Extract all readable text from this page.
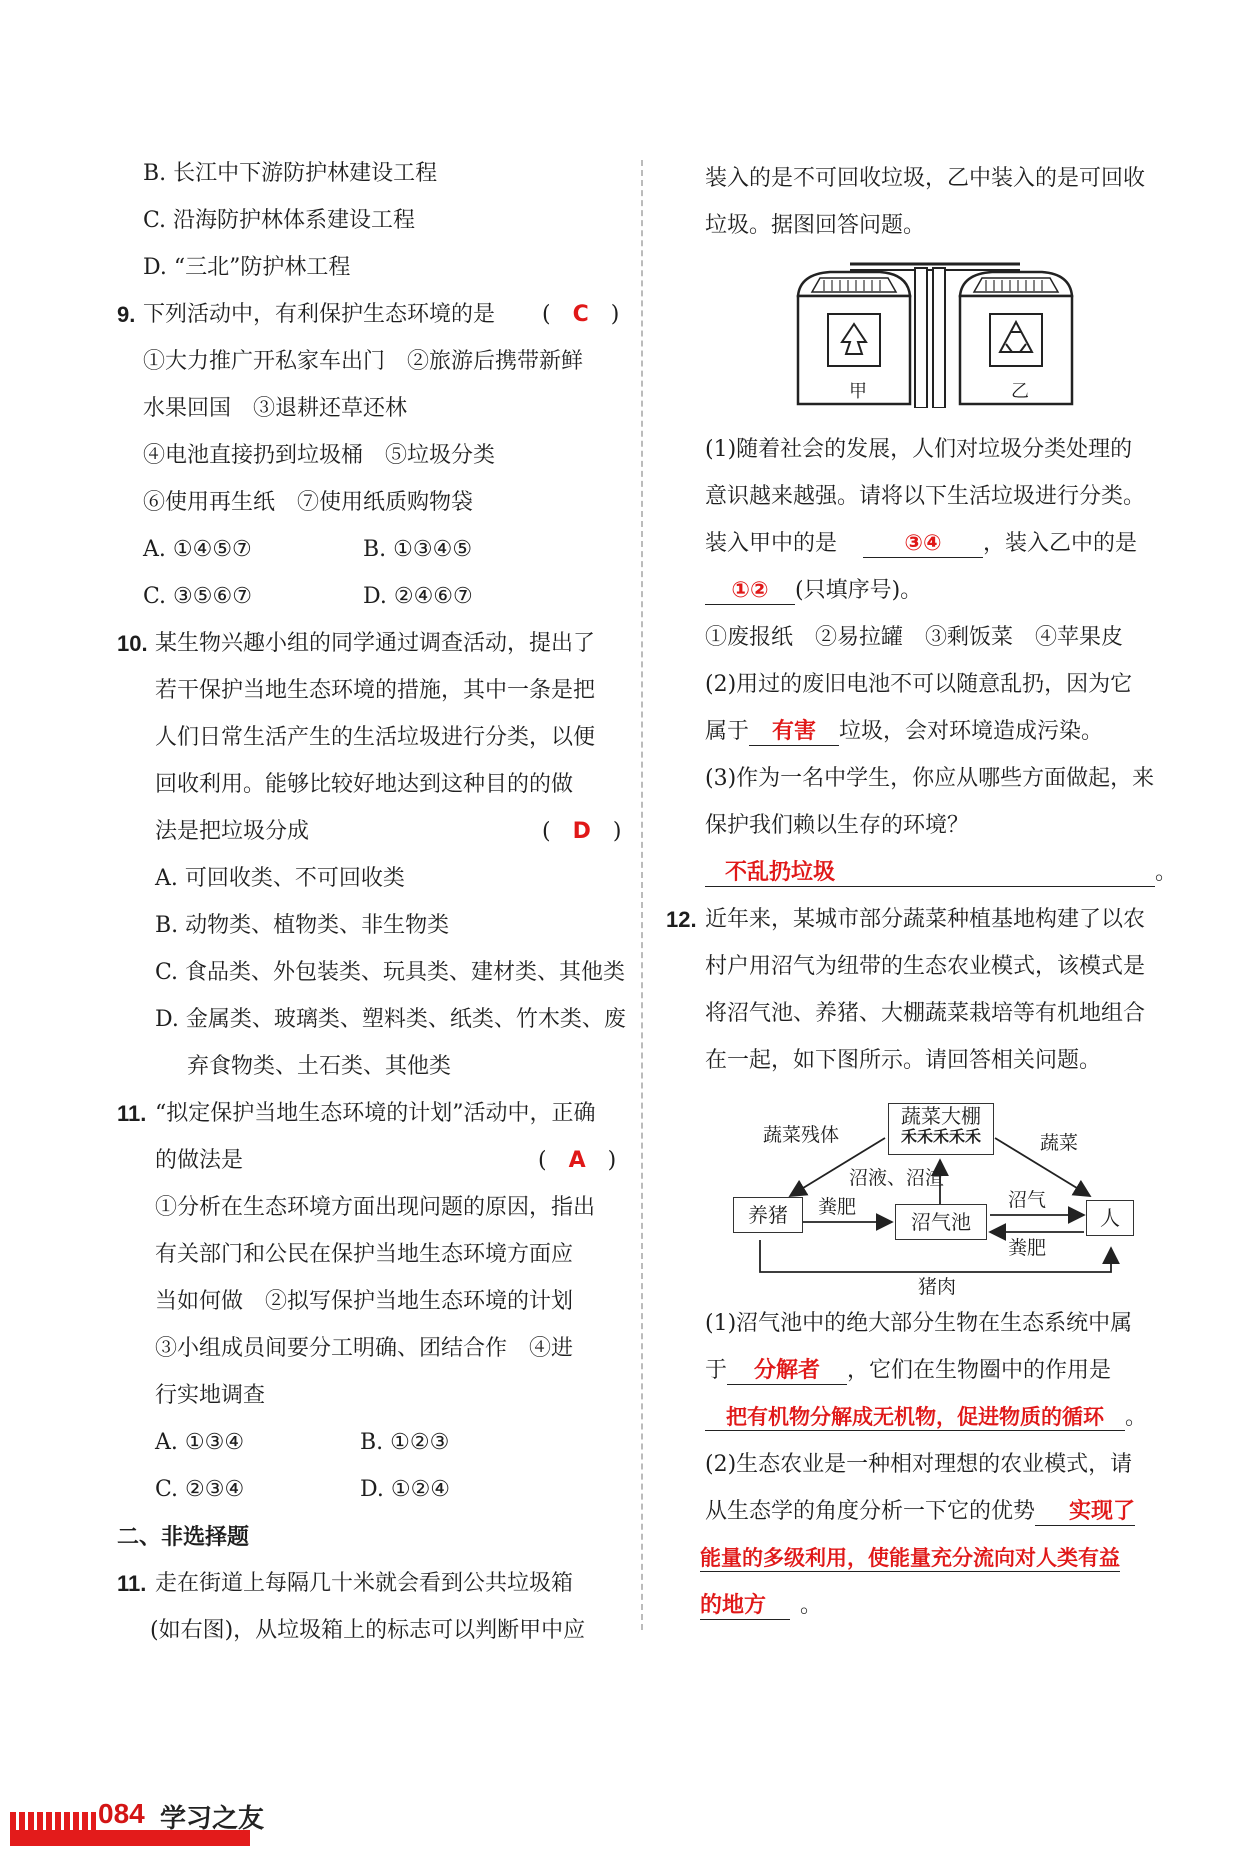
B. 长江中下游防护林建设工程
C. 沿海防护林体系建设工程
D. “三北”防护林工程
9. 下列活动中，有利保护生态环境的是 (　C　)
①大力推广开私家车出门　②旅游后携带新鲜
水果回国　③退耕还草还林
④电池直接扔到垃圾桶　⑤垃圾分类
⑥使用再生纸　⑦使用纸质购物袋
A. ①④⑤⑦	B. ①③④⑤
C. ③⑤⑥⑦	D. ②④⑥⑦
10. 某生物兴趣小组的同学通过调查活动，提出了
若干保护当地生态环境的措施，其中一条是把
人们日常生活产生的生活垃圾进行分类，以便
回收利用。能够比较好地达到这种目的的做
法是把垃圾分成	(　D　)
A. 可回收类、不可回收类
B. 动物类、植物类、非生物类
C. 食品类、外包装类、玩具类、建材类、其他类
D. 金属类、玻璃类、塑料类、纸类、竹木类、废
弃食物类、土石类、其他类
11. “拟定保护当地生态环境的计划”活动中，正确
的做法是	(　A　)
①分析在生态环境方面出现问题的原因，指出
有关部门和公民在保护当地生态环境方面应
当如何做　②拟写保护当地生态环境的计划
③小组成员间要分工明确、团结合作　④进
行实地调查
A. ①③④	B. ①②③
C. ②③④	D. ①②④
二、非选择题
11. 走在街道上每隔几十米就会看到公共垃圾箱
(如右图)，从垃圾箱上的标志可以判断甲中应
装入的是不可回收垃圾，乙中装入的是可回收
垃圾。据图回答问题。
甲	乙
(1)随着社会的发展，人们对垃圾分类处理的
意识越来越强。请将以下生活垃圾进行分类。
装入甲中的是	③④ ，装入乙中的是
①② (只填序号)。
①废报纸　②易拉罐　③剩饭菜　④苹果皮
(2)用过的废旧电池不可以随意乱扔，因为它
属于 有害 垃圾，会对环境造成污染。
(3)作为一名中学生，你应从哪些方面做起，来
保护我们赖以生存的环境？
不乱扔垃圾	。
12. 近年来，某城市部分蔬菜种植基地构建了以农
村户用沼气为纽带的生态农业模式，该模式是
将沼气池、养猪、大棚蔬菜栽培等有机地组合
在一起，如下图所示。请回答相关问题。
蔬菜大棚
禾禾禾禾禾
养猪	沼气池	人
蔬菜残体	蔬菜
沼液、沼渣
粪肥	沼气
粪肥
猪肉
(1)沼气池中的绝大部分生物在生态系统中属
于 分解者 ，它们在生物圈中的作用是
把有机物分解成无机物，促进物质的循环 。
(2)生态农业是一种相对理想的农业模式，请
从生态学的角度分析一下它的优势 实现了
能量的多级利用，使能量充分流向对人类有益
的地方 。
084 学习之友
